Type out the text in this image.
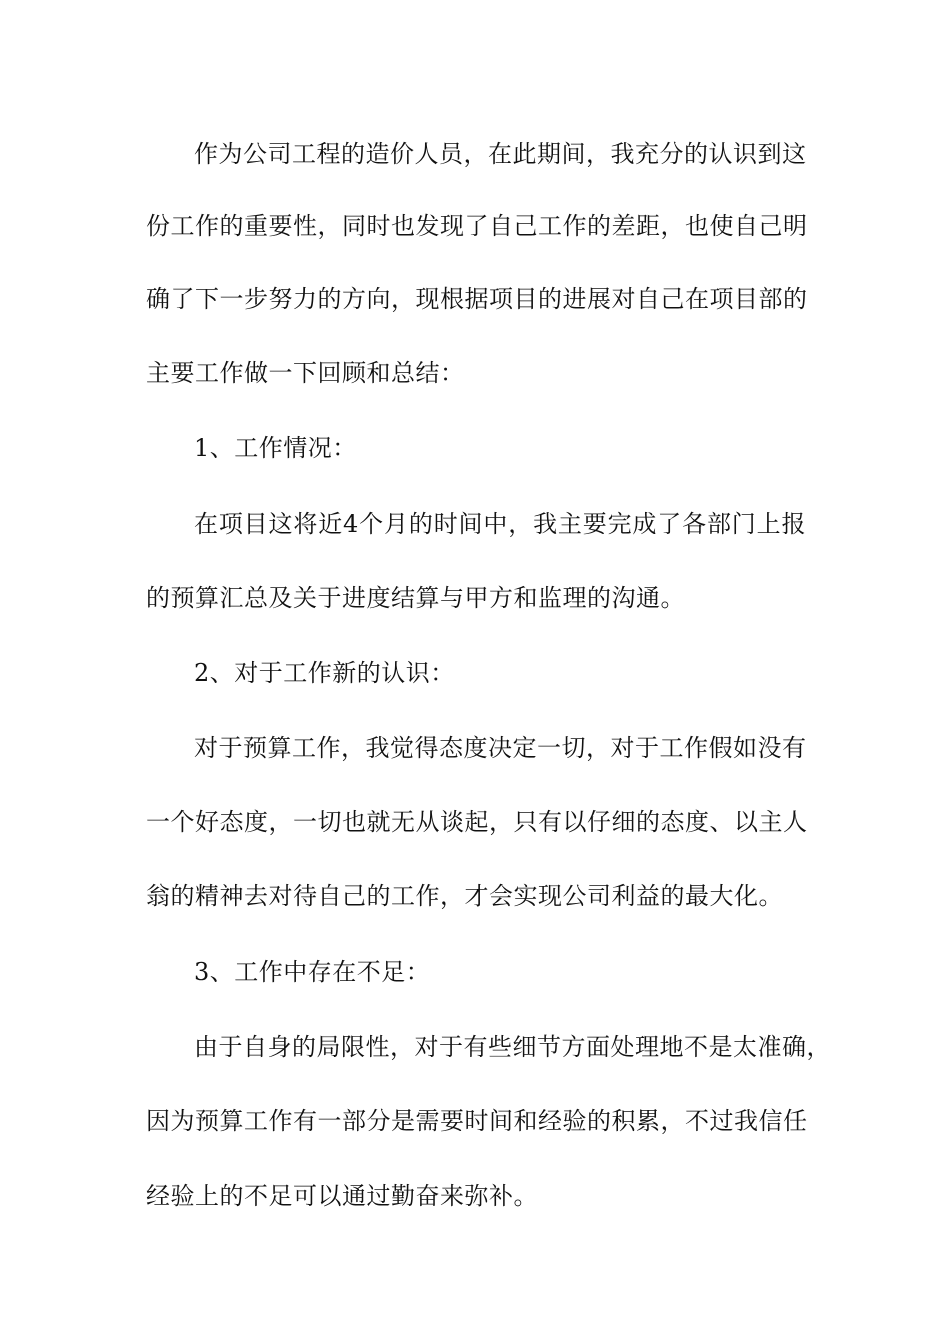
作为公司工程的造价人员，在此期间，我充分的认识到这
份工作的重要性，同时也发现了自己工作的差距，也使自己明
确了下一步努力的方向，现根据项目的进展对自己在项目部的
主要工作做一下回顾和总结：
1、工作情况：
在项目这将近4个月的时间中，我主要完成了各部门上报
的预算汇总及关于进度结算与甲方和监理的沟通。
2、对于工作新的认识：
对于预算工作，我觉得态度决定一切，对于工作假如没有
一个好态度，一切也就无从谈起，只有以仔细的态度、以主人
翁的精神去对待自己的工作，才会实现公司利益的最大化。
3、工作中存在不足：
由于自身的局限性，对于有些细节方面处理地不是太准确，
因为预算工作有一部分是需要时间和经验的积累，不过我信任
经验上的不足可以通过勤奋来弥补。
